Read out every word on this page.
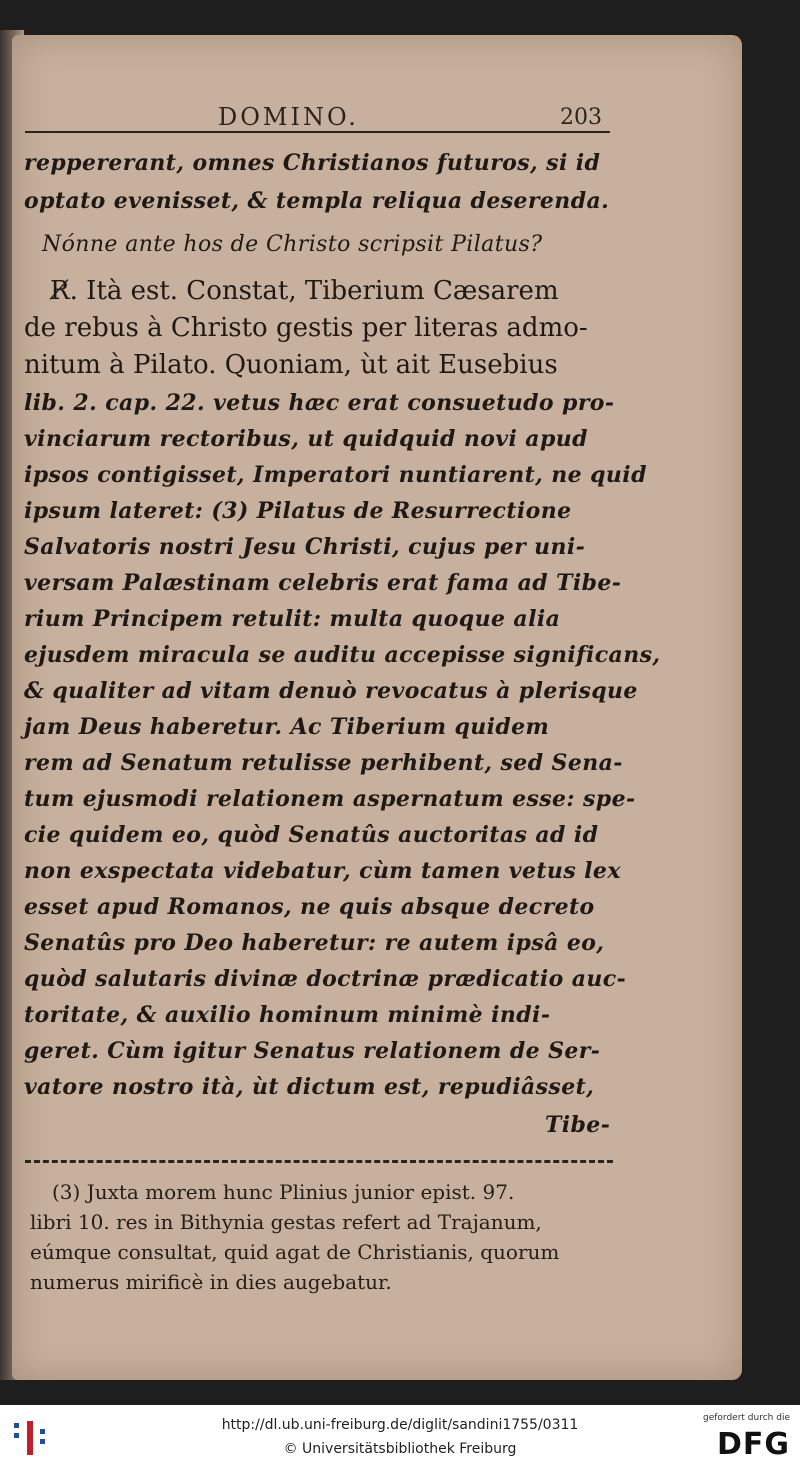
DOMINO.	203
reppererant, omnes Christianos futuros, si id
optato evenisset, & templa reliqua deserenda.
Nónne ante hos de Christo scripsit Pilatus?
R̸. Ità est. Constat, Tiberium Cæsarem
de rebus à Christo gestis per literas admo-
nitum à Pilato. Quoniam, ùt ait Eusebius
lib. 2. cap. 22. vetus hæc erat consuetudo pro-
vinciarum rectoribus, ut quidquid novi apud
ipsos contigisset, Imperatori nuntiarent, ne quid
ipsum lateret: (3) Pilatus de Resurrectione
Salvatoris nostri Jesu Christi, cujus per uni-
versam Palæstinam celebris erat fama ad Tibe-
rium Principem retulit: multa quoque alia
ejusdem miracula se auditu accepisse significans,
& qualiter ad vitam denuò revocatus à plerisque
jam Deus haberetur. Ac Tiberium quidem
rem ad Senatum retulisse perhibent, sed Sena-
tum ejusmodi relationem aspernatum esse: spe-
cie quidem eo, quòd Senatûs auctoritas ad id
non exspectata videbatur, cùm tamen vetus lex
esset apud Romanos, ne quis absque decreto
Senatûs pro Deo haberetur: re autem ipsâ eo,
quòd salutaris divinæ doctrinæ prædicatio auc-
toritate, & auxilio hominum minimè indi-
geret. Cùm igitur Senatus relationem de Ser-
vatore nostro ità, ùt dictum est, repudiâsset,
Tibe-
(3) Juxta morem hunc Plinius junior epist. 97.
libri 10. res in Bithynia gestas refert ad Trajanum,
eúmque consultat, quid agat de Christianis, quorum
numerus mirificè in dies augebatur.
http://dl.ub.uni-freiburg.de/diglit/sandini1755/0311
© Universitätsbibliothek Freiburg
gefordert durch die
DFG
